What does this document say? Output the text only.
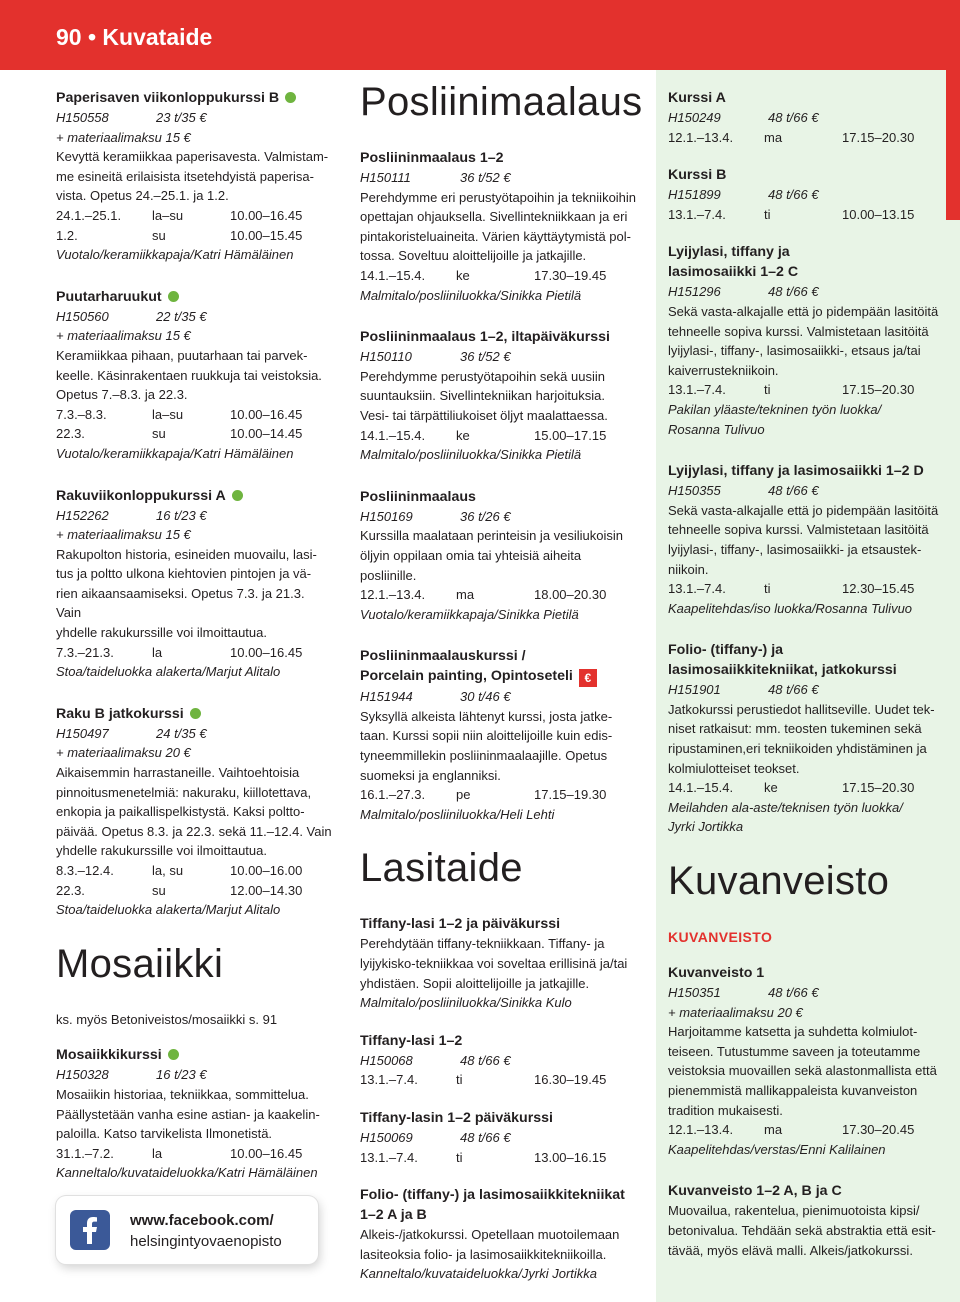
90 • Kuvataide
Paperisaven viikonloppukurssi B
H150558	23 t/35 €
+ materiaalimaksu 15 €
Kevyttä keramiikkaa paperisavesta. Valmistam-
me esineitä erilaisista itsetehdyistä paperisa-
vista. Opetus 24.–25.1. ja 1.2.
24.1.–25.1.	la–su	10.00–16.45
1.2.	su	10.00–15.45
Vuotalo/keramiikkapaja/Katri Hämäläinen
Puutarharuukut
H150560	22 t/35 €
+ materiaalimaksu 15 €
Keramiikkaa pihaan, puutarhaan tai parvek-
keelle. Käsinrakentaen ruukkuja tai veistoksia.
Opetus 7.–8.3. ja 22.3.
7.3.–8.3.	la–su	10.00–16.45
22.3.	su	10.00–14.45
Vuotalo/keramiikkapaja/Katri Hämäläinen
Rakuviikonloppukurssi A
H152262	16 t/23 €
+ materiaalimaksu 15 €
Rakupolton historia, esineiden muovailu, lasi-
tus ja poltto ulkona kiehtovien pintojen ja vä-
rien aikaansaamiseksi. Opetus 7.3. ja 21.3. Vain
yhdelle rakukurssille voi ilmoittautua.
7.3.–21.3.	la	10.00–16.45
Stoa/taideluokka alakerta/Marjut Alitalo
Raku B jatkokurssi
H150497	24 t/35 €
+ materiaalimaksu 20 €
Aikaisemmin harrastaneille. Vaihtoehtoisia
pinnoitusmenetelmiä: nakuraku, kiillotettava,
enkopia ja paikallispelkistystä. Kaksi poltto-
päivää. Opetus 8.3. ja 22.3. sekä 11.–12.4. Vain
yhdelle rakukurssille voi ilmoittautua.
8.3.–12.4.	la, su	10.00–16.00
22.3.	su	12.00–14.30
Stoa/taideluokka alakerta/Marjut Alitalo
Mosaiikki
ks. myös Betoniveistos/mosaiikki s. 91
Mosaiikkikurssi
H150328	16 t/23 €
Mosaiikin historiaa, tekniikkaa, sommittelua.
Päällystetään vanha esine astian- ja kaakelin-
paloilla. Katso tarvikelista Ilmonetistä.
31.1.–7.2.	la	10.00–16.45
Kanneltalo/kuvataideluokka/Katri Hämäläinen
Posliinimaalaus
Posliininmaalaus 1–2
H150111	36 t/52 €
Perehdymme eri perustyötapoihin ja tekniikoihin
opettajan ohjauksella. Sivellintekniikkaan ja eri
pintakoristeluaineita. Värien käyttäytymistä pol-
tossa. Soveltuu aloittelijoille ja jatkajille.
14.1.–15.4.	ke	17.30–19.45
Malmitalo/posliiniluokka/Sinikka Pietilä
Posliininmaalaus 1–2, iltapäiväkurssi
H150110	36 t/52 €
Perehdymme perustyötapoihin sekä uusiin
suuntauksiin. Sivellintekniikan harjoituksia.
Vesi- tai tärpättiliukoiset öljyt maalattaessa.
14.1.–15.4.	ke	15.00–17.15
Malmitalo/posliiniluokka/Sinikka Pietilä
Posliininmaalaus
H150169	36 t/26 €
Kurssilla maalataan perinteisin ja vesiliukoisin
öljyin oppilaan omia tai yhteisiä aiheita posliinille.
12.1.–13.4.	ma	18.00–20.30
Vuotalo/keramiikkapaja/Sinikka Pietilä
Posliininmaalauskurssi /
Porcelain painting, Opintoseteli €
H151944	30 t/46 €
Syksyllä alkeista lähtenyt kurssi, josta jatke-
taan. Kurssi sopii niin aloittelijoille kuin edis-
tyneemmillekin posliininmaalaajille. Opetus
suomeksi ja englanniksi.
16.1.–27.3.	pe	17.15–19.30
Malmitalo/posliiniluokka/Heli Lehti
Lasitaide
Tiffany-lasi 1–2 ja päiväkurssi
Perehdytään tiffany-tekniikkaan. Tiffany- ja
lyijykisko-tekniikkaa voi soveltaa erillisinä ja/tai
yhdistäen. Sopii aloittelijoille ja jatkajille.
Malmitalo/posliiniluokka/Sinikka Kulo
Tiffany-lasi 1–2
H150068	48 t/66 €
13.1.–7.4.	ti	16.30–19.45
Tiffany-lasin 1–2 päiväkurssi
H150069	48 t/66 €
13.1.–7.4.	ti	13.00–16.15
Folio- (tiffany-) ja lasimosaiikkitekniikat
1–2 A ja B
Alkeis-/jatkokurssi. Opetellaan muotoilemaan
lasiteoksia folio- ja lasimosaiikkitekniikoilla.
Kanneltalo/kuvataideluokka/Jyrki Jortikka
Kurssi A
H150249	48 t/66 €
12.1.–13.4.	ma	17.15–20.30
Kurssi B
H151899	48 t/66 €
13.1.–7.4.	ti	10.00–13.15
Lyijylasi, tiffany ja
lasimosaiikki 1–2 C
H151296	48 t/66 €
Sekä vasta-alkajalle että jo pidempään lasitöitä
tehneelle sopiva kurssi. Valmistetaan lasitöitä
lyijylasi-, tiffany-, lasimosaiikki-, etsaus ja/tai
kaiverrustekniikoin.
13.1.–7.4.	ti	17.15–20.30
Pakilan yläaste/tekninen työn luokka/
Rosanna Tulivuo
Lyijylasi, tiffany ja lasimosaiikki 1–2 D
H150355	48 t/66 €
Sekä vasta-alkajalle että jo pidempään lasitöitä
tehneelle sopiva kurssi. Valmistetaan lasitöitä
lyijylasi-, tiffany-, lasimosaiikki- ja etsaustek-
niikoin.
13.1.–7.4.	ti	12.30–15.45
Kaapelitehdas/iso luokka/Rosanna Tulivuo
Folio- (tiffany-) ja
lasimosaiikkitekniikat, jatkokurssi
H151901	48 t/66 €
Jatkokurssi perustiedot hallitseville. Uudet tek-
niset ratkaisut: mm. teosten tukeminen sekä
ripustaminen,eri tekniikoiden yhdistäminen ja
kolmiulotteiset teokset.
14.1.–15.4.	ke	17.15–20.30
Meilahden ala-aste/teknisen työn luokka/
Jyrki Jortikka
Kuvanveisto
KUVANVEISTO
Kuvanveisto 1
H150351	48 t/66 €
+ materiaalimaksu 20 €
Harjoitamme katsetta ja suhdetta kolmiulot-
teiseen. Tutustumme saveen ja toteutamme
veistoksia muovaillen sekä alastonmallista että
pienemmistä mallikappaleista kuvanveiston
tradition mukaisesti.
12.1.–13.4.	ma	17.30–20.45
Kaapelitehdas/verstas/Enni Kalilainen
Kuvanveisto 1–2 A, B ja C
Muovailua, rakentelua, pienimuotoista kipsi/
betonivalua. Tehdään sekä abstraktia että esit-
tävää, myös elävä malli. Alkeis/jatkokurssi.
www.facebook.com/
helsingintyovaenopisto
